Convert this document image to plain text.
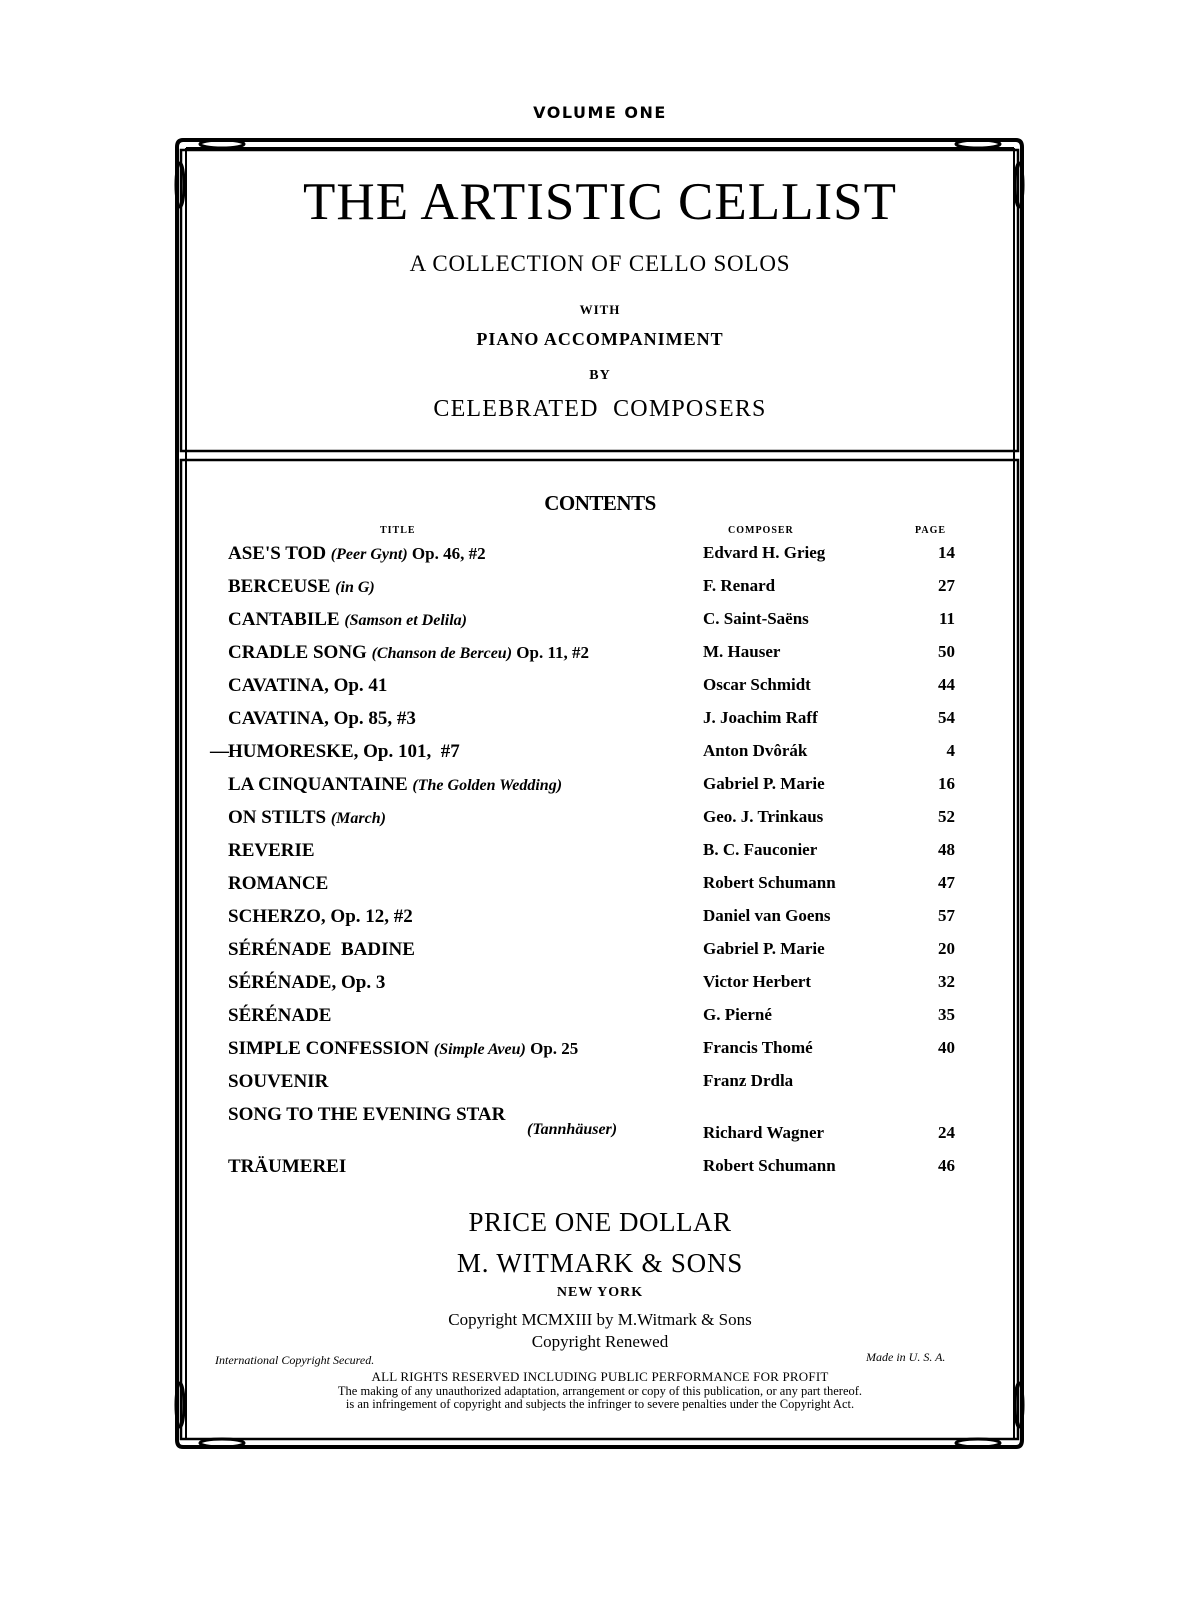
VOLUME ONE
THE ARTISTIC CELLIST
A COLLECTION OF CELLO SOLOS
WITH
PIANO ACCOMPANIMENT
BY
CELEBRATED  COMPOSERS
CONTENTS
TITLE	COMPOSER	PAGE
ASE'S TOD (Peer Gynt) Op. 46, #2	Edvard H. Grieg	14
BERCEUSE (in G)	F. Renard	27
CANTABILE (Samson et Delila)	C. Saint-Saëns	11
CRADLE SONG (Chanson de Berceu) Op. 11, #2	M. Hauser	50
CAVATINA, Op. 41	Oscar Schmidt	44
CAVATINA, Op. 85, #3	J. Joachim Raff	54
— HUMORESKE, Op. 101,  #7	Anton Dvôrák	4
LA CINQUANTAINE (The Golden Wedding)	Gabriel P. Marie	16
ON STILTS (March)	Geo. J. Trinkaus	52
REVERIE	B. C. Fauconier	48
ROMANCE	Robert Schumann	47
SCHERZO, Op. 12, #2	Daniel van Goens	57
SÉRÉNADE  BADINE	Gabriel P. Marie	20
SÉRÉNADE, Op. 3	Victor Herbert	32
SÉRÉNADE	G. Pierné	35
SIMPLE CONFESSION (Simple Aveu) Op. 25	Francis Thomé	40
SOUVENIR	Franz Drdla
SONG TO THE EVENING STAR
(Tannhäuser)	Richard Wagner	24
TRÄUMEREI	Robert Schumann	46
PRICE ONE DOLLAR
M. WITMARK & SONS
NEW YORK
Copyright MCMXIII by M.Witmark & Sons
Copyright Renewed
International Copyright Secured.	Made in U. S. A.
ALL RIGHTS RESERVED INCLUDING PUBLIC PERFORMANCE FOR PROFIT
The making of any unauthorized adaptation, arrangement or copy of this publication, or any part thereof.
is an infringement of copyright and subjects the infringer to severe penalties under the Copyright Act.
